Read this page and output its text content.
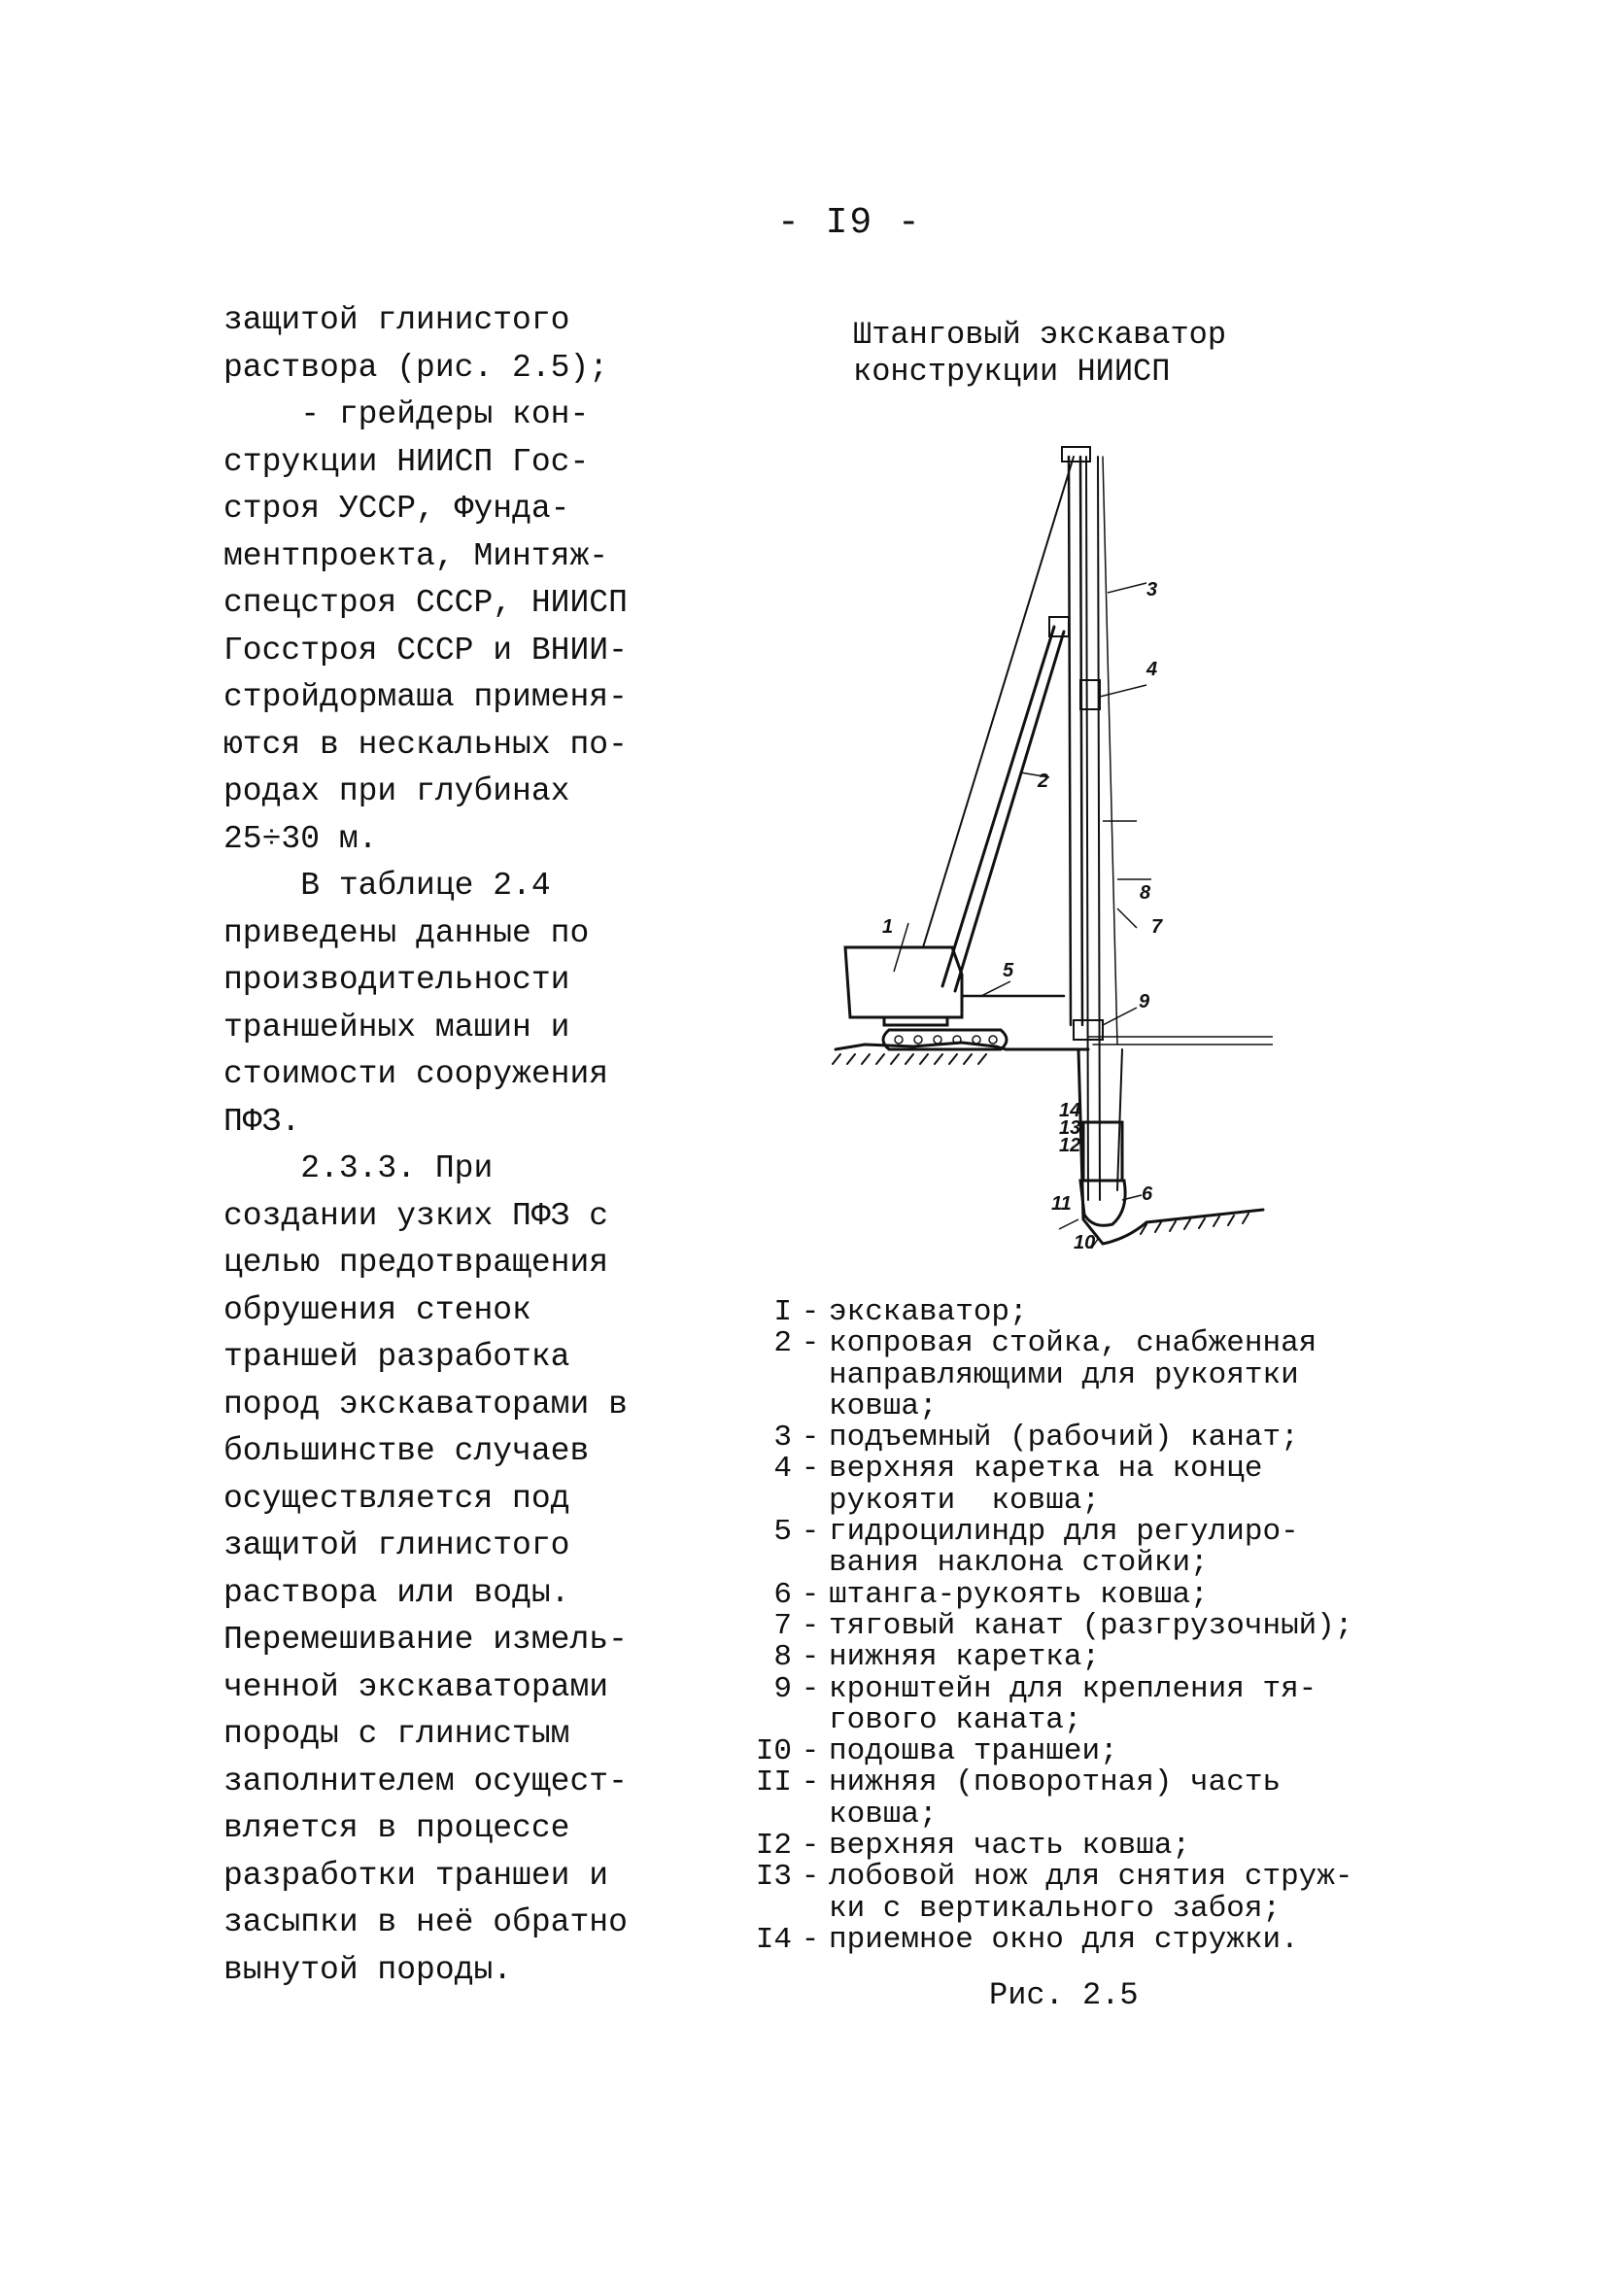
- I9 -
защитой глинистого
раствора (рис. 2.5);
- грейдеры кон-
струкции НИИСП Гос-
строя УССР, Фунда-
ментпроекта, Минтяж-
спецстроя СССР, НИИСП
Госстроя СССР и ВНИИ-
стройдормаша применя-
ются в нескальных по-
родах при глубинах
25÷30 м.
В таблице 2.4
приведены данные по
производительности
траншейных машин и
стоимости сооружения
ПФЗ.
2.3.3. При
создании узких ПФЗ с
целью предотвращения
обрушения стенок
траншей разработка
пород экскаваторами в
большинстве случаев
осуществляется под
защитой глинистого
раствора или воды.
Перемешивание измель-
ченной экскаваторами
породы с глинистым
заполнителем осущест-
вляется в процессе
разработки траншеи и
засыпки в неё обратно
вынутой породы.
Штанговый экскаватор
конструкции НИИСП
1
2
3
4
5
6
7
8
9
10
11
12
13
14
I - экскаватор;
2 - копровая стойка, снабженная
направляющими для рукоятки
ковша;
3 - подъемный (рабочий) канат;
4 - верхняя каретка на конце
рукояти  ковша;
5 - гидроцилиндр для регулиро-
вания наклона стойки;
6 - штанга-рукоять ковша;
7 - тяговый канат (разгрузочный);
8 - нижняя каретка;
9 - кронштейн для крепления тя-
гового каната;
I0 - подошва траншеи;
II - нижняя (поворотная) часть
ковша;
I2 - верхняя часть ковша;
I3 - лобовой нож для снятия струж-
ки с вертикального забоя;
I4 - приемное окно для стружки.
Рис. 2.5
